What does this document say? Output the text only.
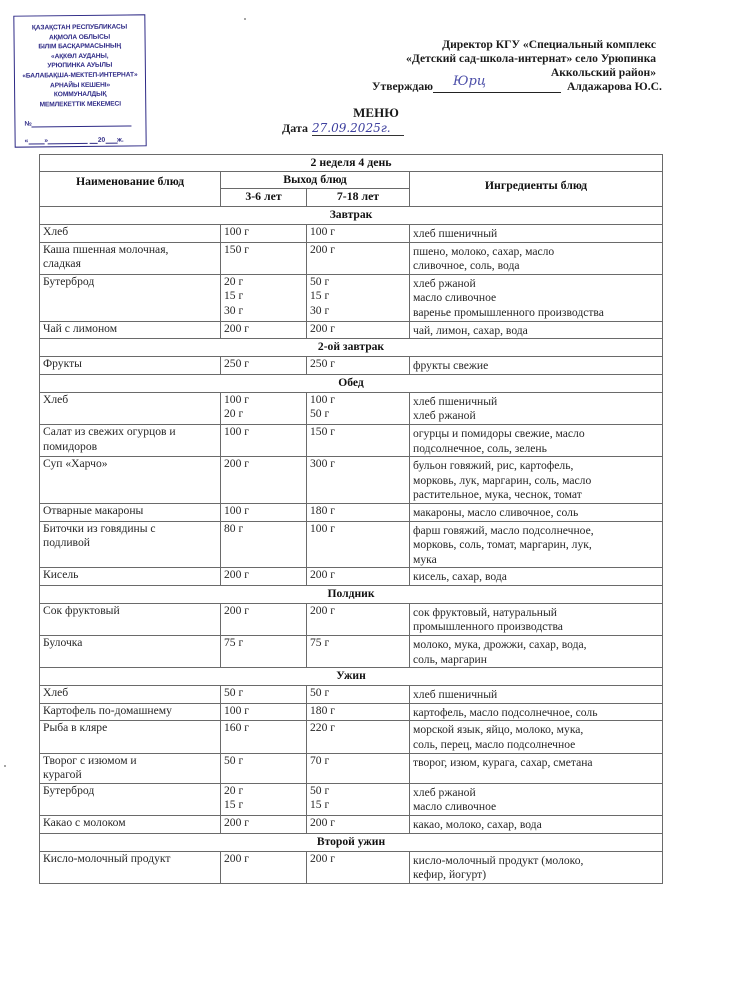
ҚАЗАҚСТАН РЕСПУБЛИКАСЫ
АҚМОЛА ОБЛЫСЫ
БІЛІМ БАСҚАРМАСЫНЫҢ
«АҚКӨЛ АУДАНЫ,
УРЮПИНКА АУЫЛЫ
«БАЛАБАҚША-МЕКТЕП-ИНТЕРНАТ»
АРНАЙЫ КЕШЕНІ»
КОММУНАЛДЫҚ
МЕМЛЕКЕТТІК МЕКЕМЕСІ
№
« »	20 ж.
Директор КГУ «Специальный комплекс
«Детский сад-школа-интернат» село Урюпинка
Аккольский район»
Утверждаю Юрц	Алдажарова Ю.С.
МЕНЮ
Дата 27.09.2025г.
2 неделя 4 день			
Наименование блюд	Выход блюд		Ингредиенты блюд
	3-6 лет	7-18 лет	
Завтрак			

Хлеб	100 г	100 г	хлеб пшеничный

Каша пшенная молочная,
сладкая	150 г	200 г	пшено, молоко, сахар, масло
сливочное, соль, вода

Бутерброд	20 г
15 г
30 г	50 г
15 г
30 г	хлеб ржаной
масло сливочное
варенье промышленного производства

Чай с лимоном	200 г	200 г	чай, лимон, сахар, вода

2-ой завтрак			

Фрукты	250 г	250 г	фрукты свежие

Обед			

Хлеб	100 г
20 г	100 г
50 г	хлеб пшеничный
хлеб ржаной

Салат из свежих огурцов и
помидоров	100 г	150 г	огурцы и помидоры свежие, масло
подсолнечное, соль, зелень

Суп «Харчо»	200 г	300 г	бульон говяжий, рис, картофель,
морковь, лук, маргарин, соль, масло
растительное, мука, чеснок, томат

Отварные макароны	100 г	180 г	макароны, масло сливочное, соль

Биточки из говядины с
подливой	80 г	100 г	фарш говяжий, масло подсолнечное,
морковь, соль, томат, маргарин, лук,
мука

Кисель	200 г	200 г	кисель, сахар, вода

Полдник			

Сок фруктовый	200 г	200 г	сок фруктовый, натуральный
промышленного производства

Булочка	75 г	75 г	молоко, мука, дрожжи, сахар, вода,
соль, маргарин

Ужин			

Хлеб	50 г	50 г	хлеб пшеничный

Картофель по-домашнему	100 г	180 г	картофель, масло подсолнечное, соль

Рыба в кляре	160 г	220 г	морской язык, яйцо, молоко, мука,
соль, перец, масло подсолнечное

Творог с изюмом и
курагой	50 г	70 г	творог, изюм, курага, сахар, сметана

Бутерброд	20 г
15 г	50 г
15 г	хлеб ржаной
масло сливочное

Какао с молоком	200 г	200 г	какао, молоко, сахар, вода

Второй ужин			

Кисло-молочный продукт	200 г	200 г	кисло-молочный продукт (молоко,
кефир, йогурт)
